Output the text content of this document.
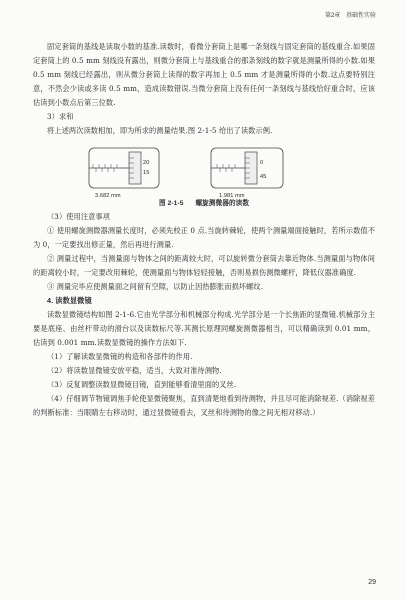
第2章 基础性实验

固定套筒的基线是读取小数的基准.读数时，看微分套筒上是哪一条刻线与固定套筒的基线重合.如果固定套筒上的 0.5 mm 刻线没有露出，则微分套筒上与基线重合的那条刻线的数字就是测量所得的小数.如果 0.5 mm 刻线已经露出，则从微分套筒上读得的数字再加上 0.5 mm 才是测量所得的小数.这点要特别注意，不然会少读或多读 0.5 mm，造成读数错误.当微分套筒上没有任何一条刻线与基线恰好重合时，应该估读到小数点后第三位数.

3）求和

将上述两次读数相加，即为所求的测量结果.图 2-1-5 给出了读数示例.

20
15
0
45
3.682 mm	1.981 mm
图 2-1-5 螺旋测微器的读数
（3）使用注意事项

① 使用螺旋测微器测量长度时，必须先校正 0 点.当旋转棘轮，使两个测量端面接触时，若所示数值不为 0，一定要找出修正量，然后再进行测量.

② 测量过程中，当测量面与物体之间的距离较大时，可以旋转微分套筒去靠近物体.当测量面与物体间的距离较小时，一定要改用棘轮，使测量面与物体轻轻接触，否则易损伤测微螺杆，降低仪器准确度.

③ 测量完毕应使测量面之间留有空隙，以防止因热膨胀而损坏螺纹.

4. 读数显微镜

读数显微镜结构如图 2-1-6.它由光学部分和机械部分构成.光学部分是一个长焦距的显微镜.机械部分主要是底座、由丝杆带动的滑台以及读数标尺等.其测长原理同螺旋测微器相当，可以精确读到 0.01 mm，估读到 0.001 mm.读数显微镜的操作方法如下.

（1）了解读数显微镜的构造和各部件的作用.

（2）将读数显微镜安放平稳，适当，大致对准待测物.

（3）反复调整读数显微镜目镜，直到能够看清里面的叉丝.

（4）仔细调节物镜调焦手轮使显微镜聚焦，直到清楚地看到待测物，并且尽可能消除视差.（消除视差的判断标准：当眼睛左右移动时，通过显微镜看去，叉丝和待测物的像之间无相对移动.）

29
